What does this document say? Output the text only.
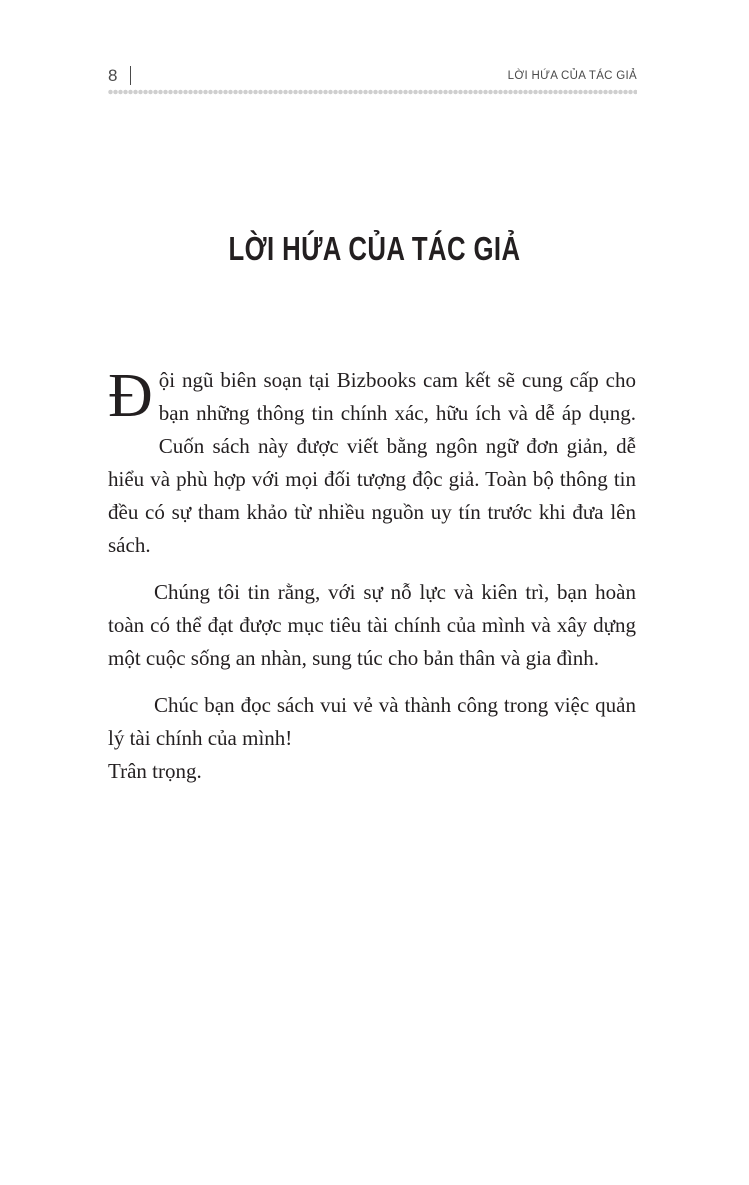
8	LỜI HỨA CỦA TÁC GIẢ
LỜI HỨA CỦA TÁC GIẢ

Đội ngũ biên soạn tại Bizbooks cam kết sẽ cung cấp cho bạn những thông tin chính xác, hữu ích và dễ áp dụng. Cuốn sách này được viết bằng ngôn ngữ đơn giản, dễ hiểu và phù hợp với mọi đối tượng độc giả. Toàn bộ thông tin đều có sự tham khảo từ nhiều nguồn uy tín trước khi đưa lên sách.

Chúng tôi tin rằng, với sự nỗ lực và kiên trì, bạn hoàn toàn có thể đạt được mục tiêu tài chính của mình và xây dựng một cuộc sống an nhàn, sung túc cho bản thân và gia đình.

Chúc bạn đọc sách vui vẻ và thành công trong việc quản lý tài chính của mình!

Trân trọng.
